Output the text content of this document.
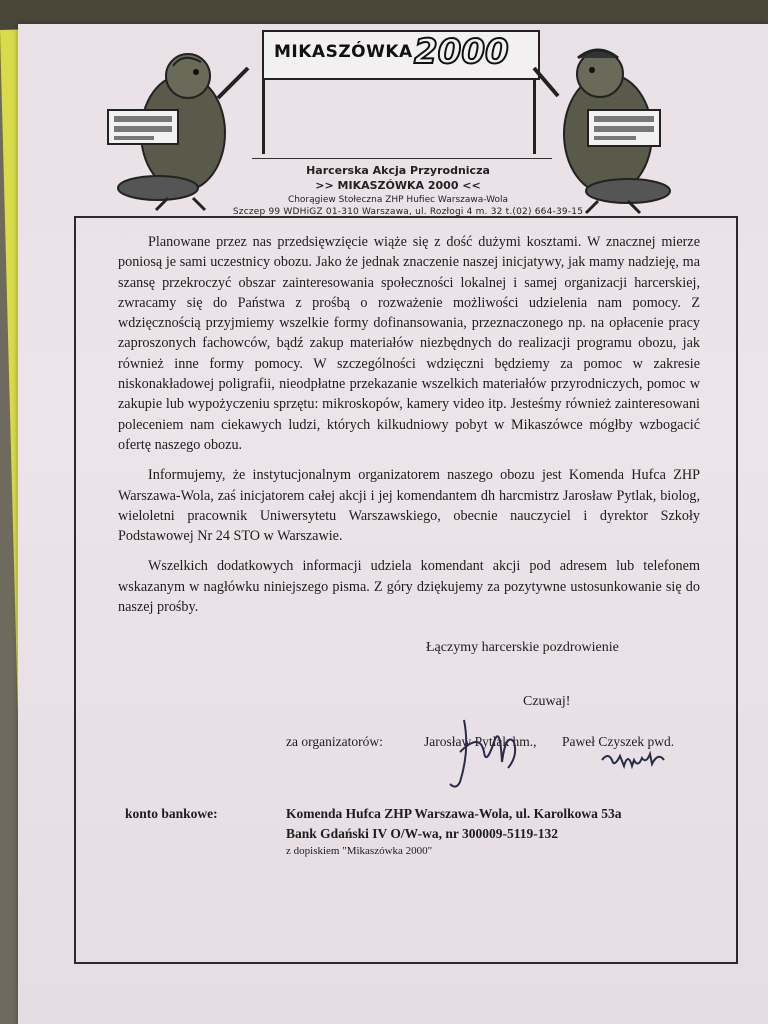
MIKASZÓWKA 2000
Harcerska Akcja Przyrodnicza
>> MIKASZÓWKA 2000 <<
Chorągiew Stołeczna ZHP Hufiec Warszawa-Wola
Szczep 99 WDHiGZ 01-310 Warszawa, ul. Rozłogi 4 m. 32 t.(02) 664-39-15

Planowane przez nas przedsięwzięcie wiąże się z dość dużymi kosztami. W znacznej mierze poniosą je sami uczestnicy obozu. Jako że jednak znaczenie naszej inicjatywy, jak mamy nadzieję, ma szansę przekroczyć obszar zainteresowania społeczności lokalnej i samej organizacji harcerskiej, zwracamy się do Państwa z prośbą o rozważenie możliwości udzielenia nam pomocy. Z wdzięcznością przyjmiemy wszelkie formy dofinansowania, przeznaczonego np. na opłacenie pracy zaproszonych fachowców, bądź zakup materiałów niezbędnych do realizacji programu obozu, jak również inne formy pomocy. W szczególności wdzięczni będziemy za pomoc w zakresie niskonakładowej poligrafii, nieodpłatne przekazanie wszelkich materiałów przyrodniczych, pomoc w zakupie lub wypożyczeniu sprzętu: mikroskopów, kamery video itp. Jesteśmy również zainteresowani poleceniem nam ciekawych ludzi, których kilkudniowy pobyt w Mikaszówce mógłby wzbogacić ofertę naszego obozu.

Informujemy, że instytucjonalnym organizatorem naszego obozu jest Komenda Hufca ZHP Warszawa-Wola, zaś inicjatorem całej akcji i jej komendantem dh harcmistrz Jarosław Pytlak, biolog, wieloletni pracownik Uniwersytetu Warszawskiego, obecnie nauczyciel i dyrektor Szkoły Podstawowej Nr 24 STO w Warszawie.

Wszelkich dodatkowych informacji udziela komendant akcji pod adresem lub telefonem wskazanym w nagłówku niniejszego pisma. Z góry dziękujemy za pozytywne ustosunkowanie się do naszej prośby.

Łączymy harcerskie pozdrowienie
Czuwaj!
za organizatorów:	Jarosław Pytlak hm., Paweł Czyszek pwd.
konto bankowe:	Komenda Hufca ZHP Warszawa-Wola, ul. Karolkowa 53a
Bank Gdański IV O/W-wa, nr 300009-5119-132
z dopiskiem "Mikaszówka 2000"
